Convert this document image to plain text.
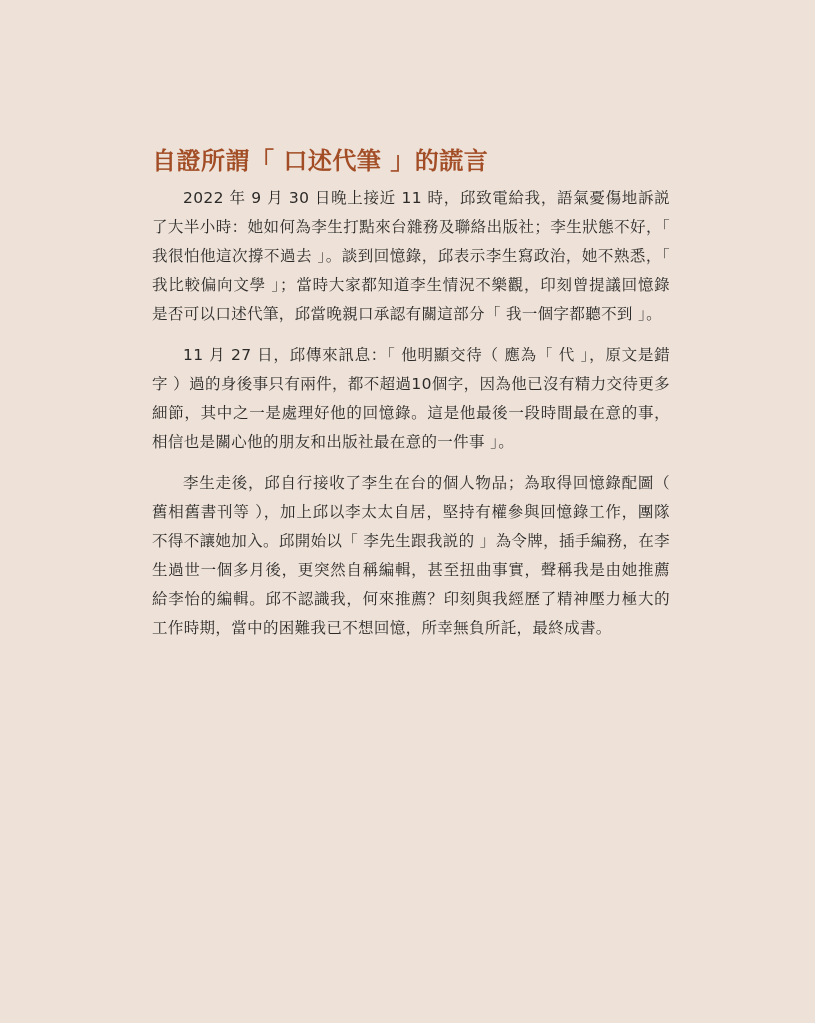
自證所謂「 口述代筆 」的謊言

2022 年 9 月 30 日晚上接近 11 時，邱致電給我，語氣憂傷地訴説了大半小時：她如何為李生打點來台雜務及聯絡出版社；李生狀態不好，「 我很怕他這次撐不過去 」。談到回憶錄，邱表示李生寫政治，她不熟悉，「 我比較偏向文學 」；當時大家都知道李生情況不樂觀，印刻曾提議回憶錄是否可以口述代筆，邱當晚親口承認有關這部分「 我一個字都聽不到 」。

11 月 27 日，邱傳來訊息：「 他明顯交待（ 應為「 代 」，原文是錯字 ）過的身後事只有兩件，都不超過10個字，因為他已沒有精力交待更多細節，其中之一是處理好他的回憶錄。這是他最後一段時間最在意的事，相信也是關心他的朋友和出版社最在意的一件事 」。

李生走後，邱自行接收了李生在台的個人物品；為取得回憶錄配圖（ 舊相舊書刊等 ），加上邱以李太太自居，堅持有權參與回憶錄工作，團隊不得不讓她加入。邱開始以「 李先生跟我説的 」為令牌，插手編務，在李生過世一個多月後，更突然自稱編輯，甚至扭曲事實，聲稱我是由她推薦給李怡的編輯。邱不認識我，何來推薦？印刻與我經歷了精神壓力極大的工作時期，當中的困難我已不想回憶，所幸無負所託，最終成書。
